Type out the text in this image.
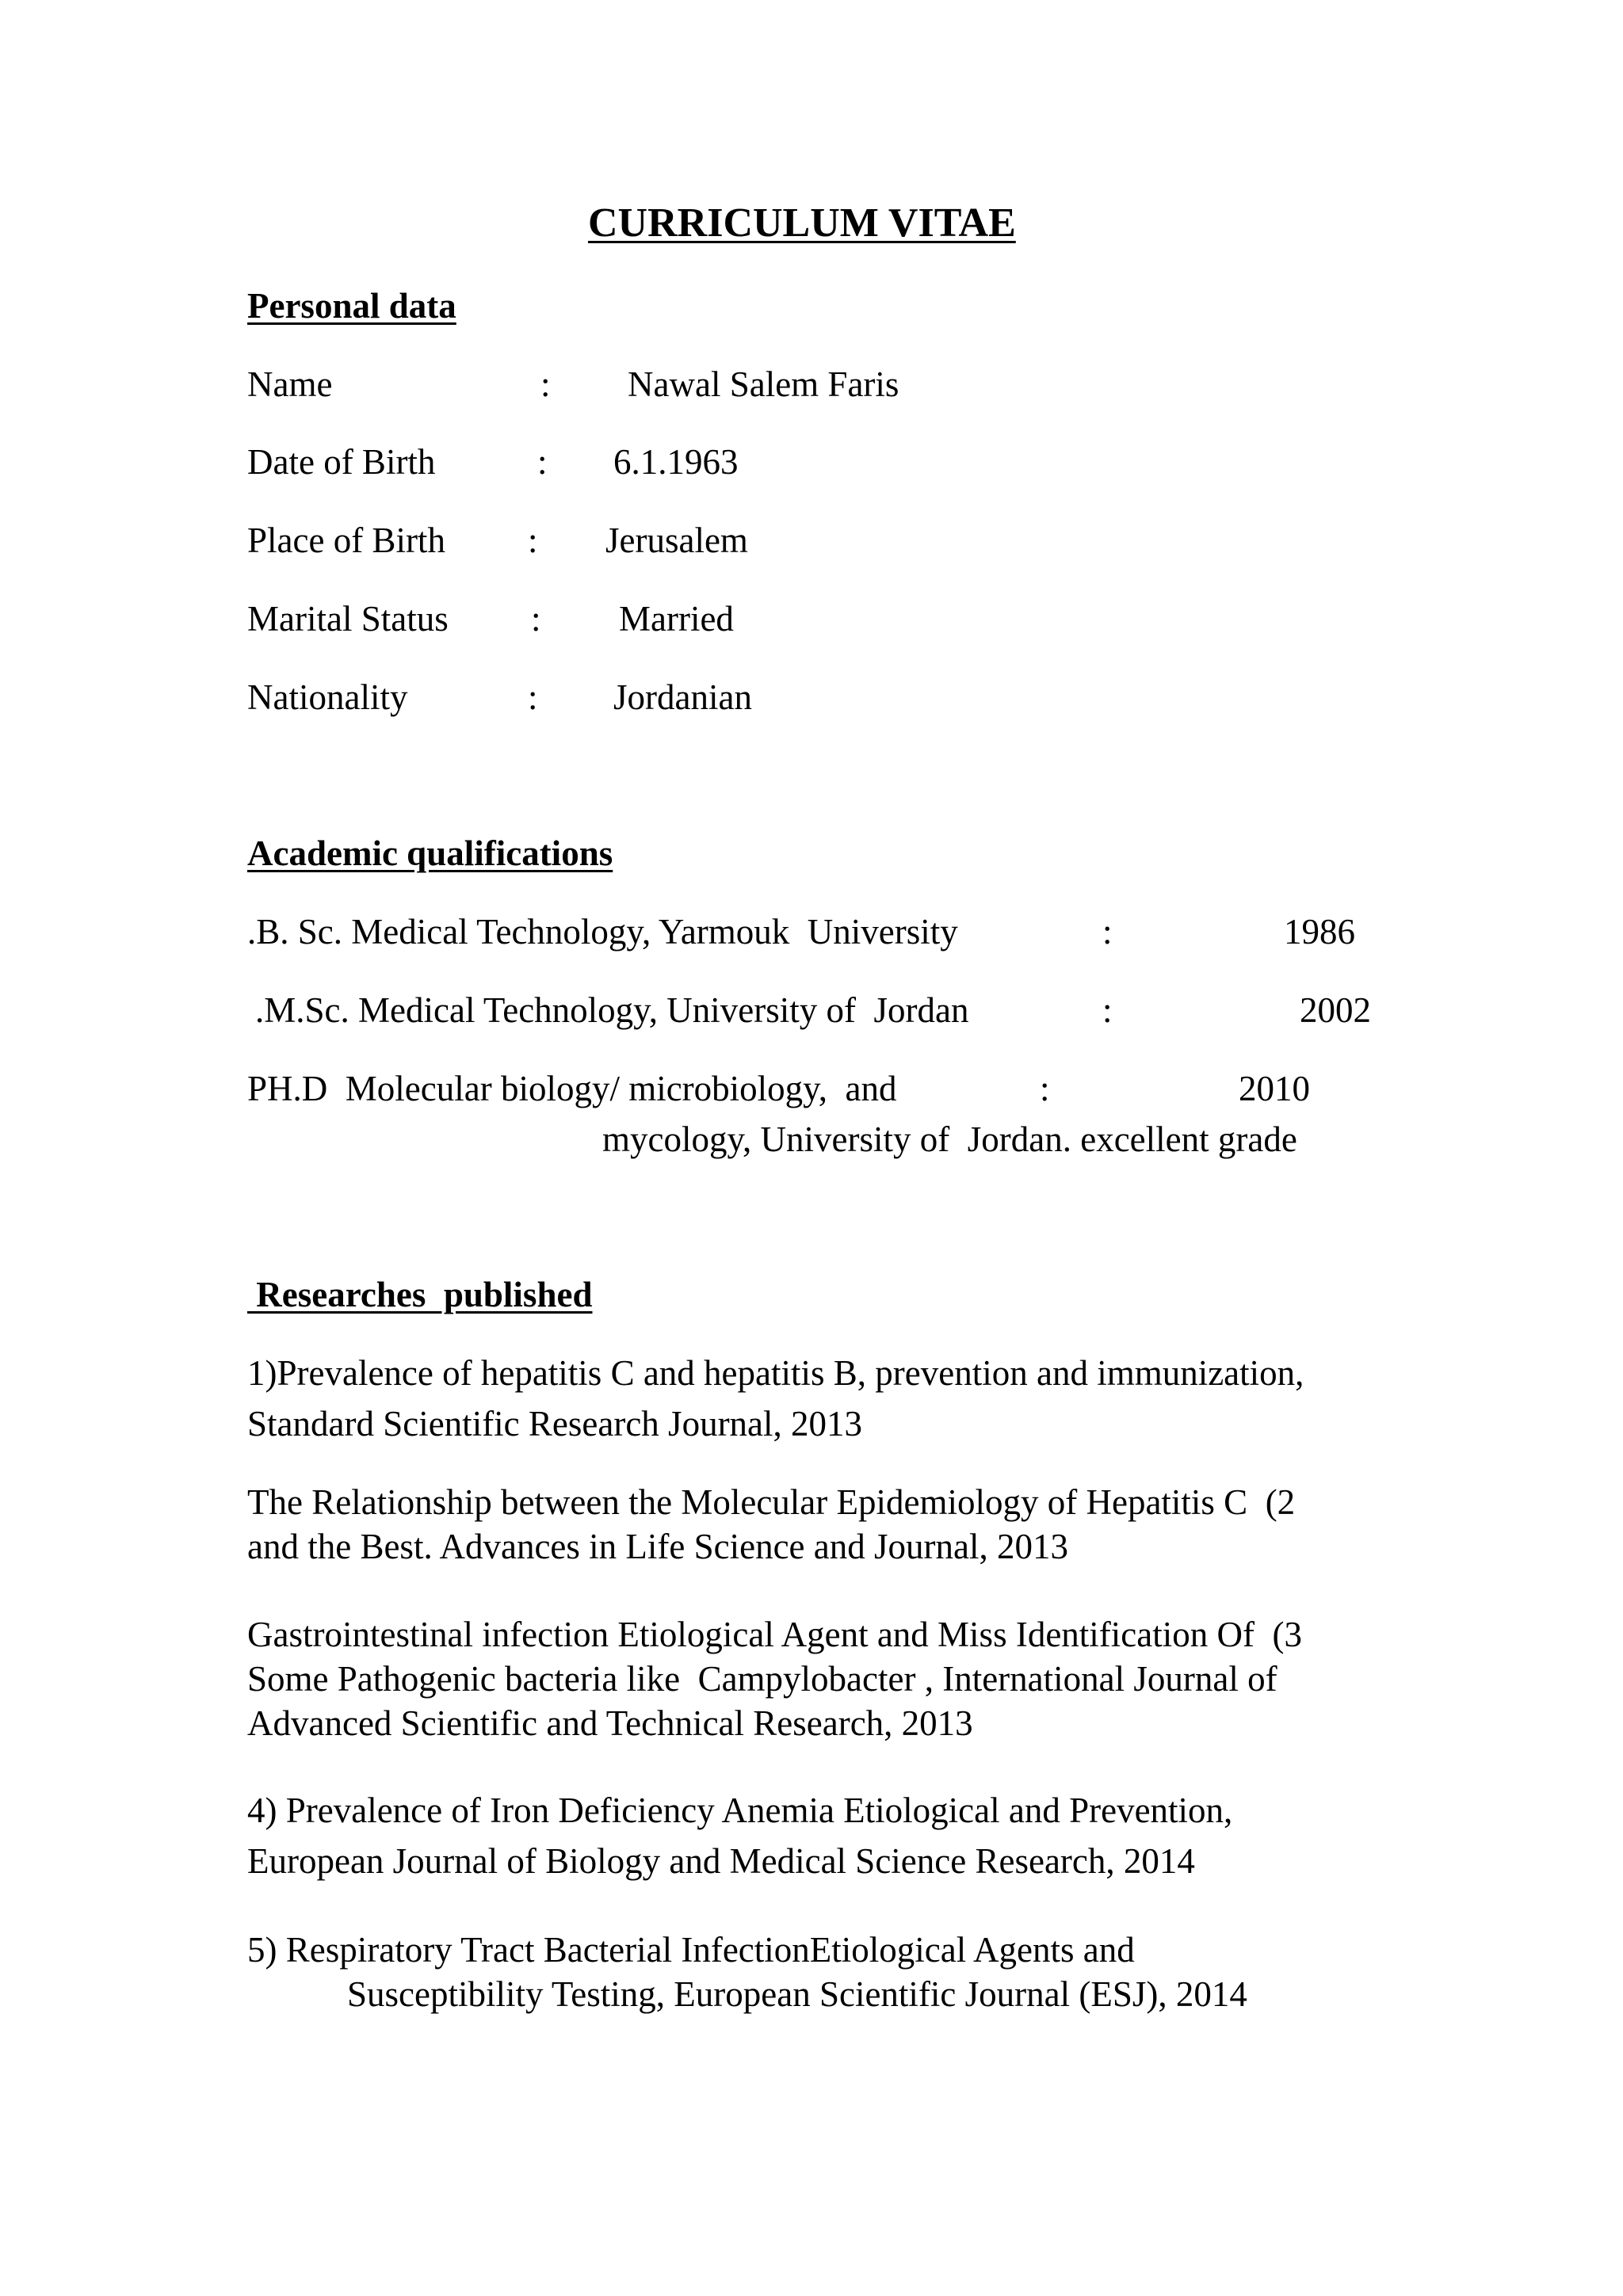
CURRICULUM VITAE
Personal data
Name	: Nawal Salem Faris
Date of Birth	: 6.1.1963
Place of Birth : Jerusalem
Marital Status : Married
Nationality	: Jordanian
Academic qualifications
.B. Sc. Medical Technology, Yarmouk  University	:	1986
.M.Sc. Medical Technology, University of  Jordan	:	2002
PH.D  Molecular biology/ microbiology,  and	:	2010
mycology, University of  Jordan. excellent grade
Researches  published
1)Prevalence of hepatitis C and hepatitis B, prevention and immunization,
Standard Scientific Research Journal, 2013
The Relationship between the Molecular Epidemiology of Hepatitis C  (2
and the Best. Advances in Life Science and Journal, 2013
Gastrointestinal infection Etiological Agent and Miss Identification Of  (3
Some Pathogenic bacteria like  Campylobacter , International Journal of
Advanced Scientific and Technical Research, 2013
4) Prevalence of Iron Deficiency Anemia Etiological and Prevention,
European Journal of Biology and Medical Science Research, 2014
5) Respiratory Tract Bacterial InfectionEtiological Agents and
Susceptibility Testing, European Scientific Journal (ESJ), 2014
